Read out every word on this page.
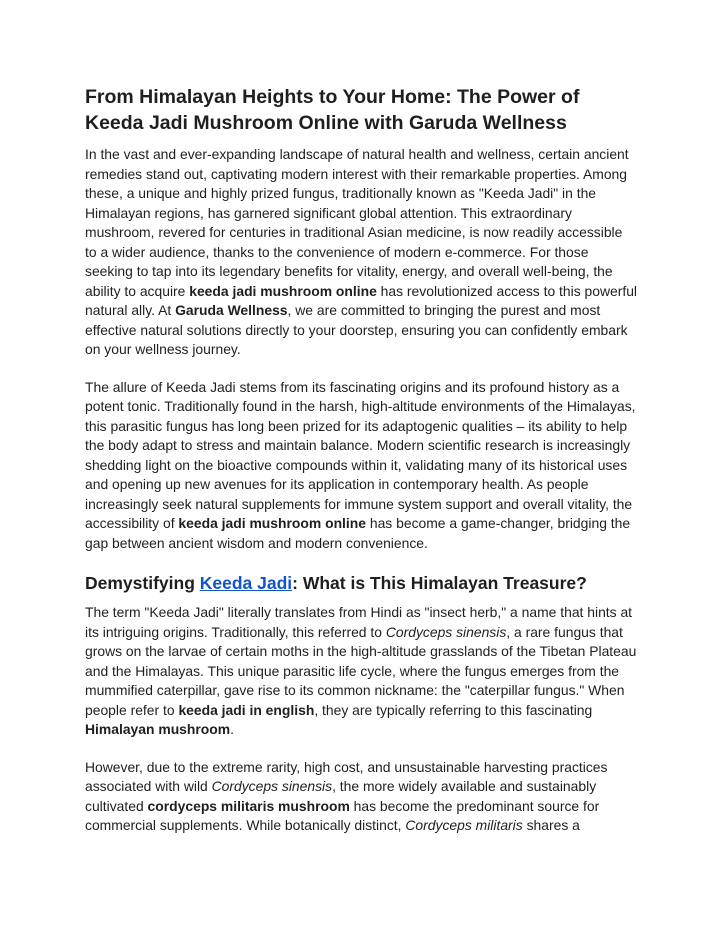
From Himalayan Heights to Your Home: The Power of Keeda Jadi Mushroom Online with Garuda Wellness

In the vast and ever-expanding landscape of natural health and wellness, certain ancient remedies stand out, captivating modern interest with their remarkable properties. Among these, a unique and highly prized fungus, traditionally known as "Keeda Jadi" in the Himalayan regions, has garnered significant global attention. This extraordinary mushroom, revered for centuries in traditional Asian medicine, is now readily accessible to a wider audience, thanks to the convenience of modern e-commerce. For those seeking to tap into its legendary benefits for vitality, energy, and overall well-being, the ability to acquire keeda jadi mushroom online has revolutionized access to this powerful natural ally. At Garuda Wellness, we are committed to bringing the purest and most effective natural solutions directly to your doorstep, ensuring you can confidently embark on your wellness journey.

The allure of Keeda Jadi stems from its fascinating origins and its profound history as a potent tonic. Traditionally found in the harsh, high-altitude environments of the Himalayas, this parasitic fungus has long been prized for its adaptogenic qualities – its ability to help the body adapt to stress and maintain balance. Modern scientific research is increasingly shedding light on the bioactive compounds within it, validating many of its historical uses and opening up new avenues for its application in contemporary health. As people increasingly seek natural supplements for immune system support and overall vitality, the accessibility of keeda jadi mushroom online has become a game-changer, bridging the gap between ancient wisdom and modern convenience.

Demystifying Keeda Jadi: What is This Himalayan Treasure?

The term "Keeda Jadi" literally translates from Hindi as "insect herb," a name that hints at its intriguing origins. Traditionally, this referred to Cordyceps sinensis, a rare fungus that grows on the larvae of certain moths in the high-altitude grasslands of the Tibetan Plateau and the Himalayas. This unique parasitic life cycle, where the fungus emerges from the mummified caterpillar, gave rise to its common nickname: the "caterpillar fungus." When people refer to keeda jadi in english, they are typically referring to this fascinating Himalayan mushroom.

However, due to the extreme rarity, high cost, and unsustainable harvesting practices associated with wild Cordyceps sinensis, the more widely available and sustainably cultivated cordyceps militaris mushroom has become the predominant source for commercial supplements. While botanically distinct, Cordyceps militaris shares a
